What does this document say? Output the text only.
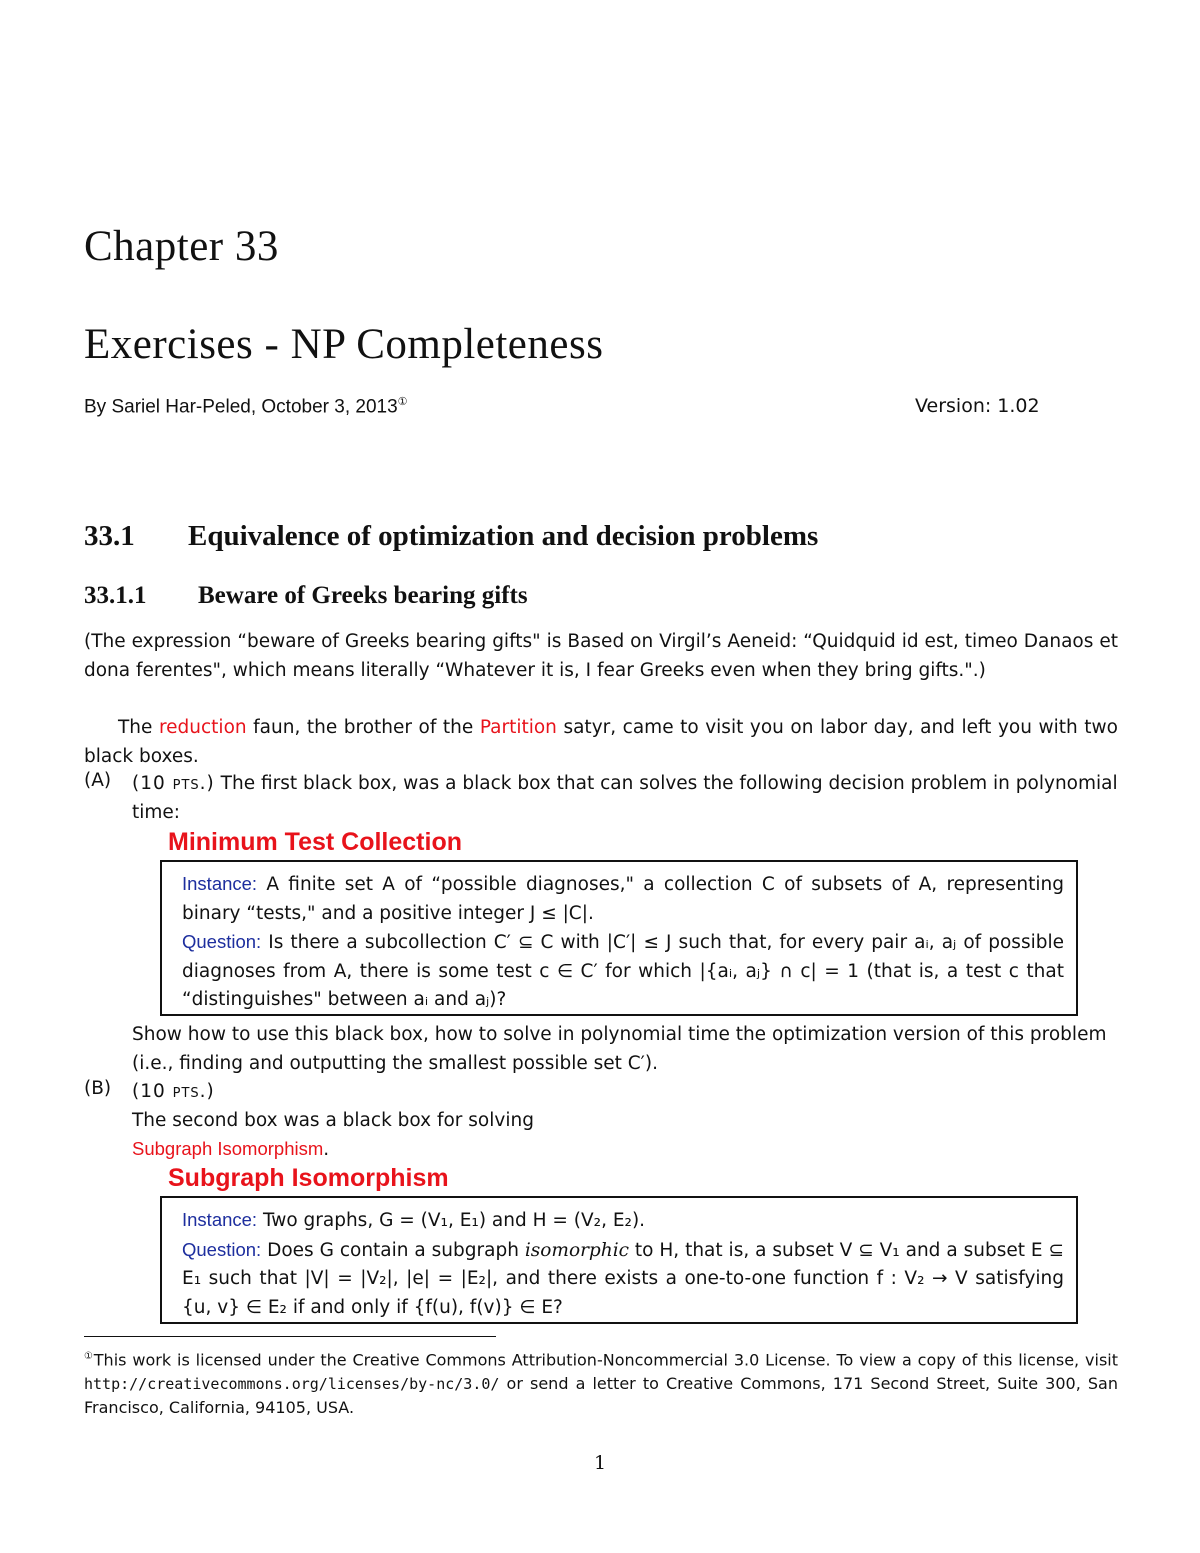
Chapter 33
Exercises - NP Completeness
By Sariel Har-Peled, October 3, 2013①	Version: 1.02
33.1 Equivalence of optimization and decision problems
33.1.1 Beware of Greeks bearing gifts

(The expression “beware of Greeks bearing gifts" is Based on Virgil’s Aeneid: “Quidquid id est, timeo Danaos et dona ferentes", which means literally “Whatever it is, I fear Greeks even when they bring gifts.".)

The reduction faun, the brother of the Partition satyr, came to visit you on labor day, and left you with two black boxes.

(A) (10 pts.) The first black box, was a black box that can solves the following decision problem in polynomial time:

Minimum Test Collection

Instance: A finite set A of “possible diagnoses," a collection C of subsets of A, representing binary “tests," and a positive integer J ≤ |C|.

Question: Is there a subcollection C′ ⊆ C with |C′| ≤ J such that, for every pair aᵢ, aⱼ of possible diagnoses from A, there is some test c ∈ C′ for which |{aᵢ, aⱼ} ∩ c| = 1 (that is, a test c that “distinguishes" between aᵢ and aⱼ)?

Show how to use this black box, how to solve in polynomial time the optimization version of this problem (i.e., finding and outputting the smallest possible set C′).

(B) (10 pts.)
The second box was a black box for solving
Subgraph Isomorphism.

Subgraph Isomorphism

Instance: Two graphs, G = (V₁, E₁) and H = (V₂, E₂).

Question: Does G contain a subgraph isomorphic to H, that is, a subset V ⊆ V₁ and a subset E ⊆ E₁ such that |V| = |V₂|, |e| = |E₂|, and there exists a one-to-one function f : V₂ → V satisfying {u, v} ∈ E₂ if and only if {f(u), f(v)} ∈ E?

①This work is licensed under the Creative Commons Attribution-Noncommercial 3.0 License. To view a copy of this license, visit http://creativecommons.org/licenses/by-nc/3.0/ or send a letter to Creative Commons, 171 Second Street, Suite 300, San Francisco, California, 94105, USA.

1
